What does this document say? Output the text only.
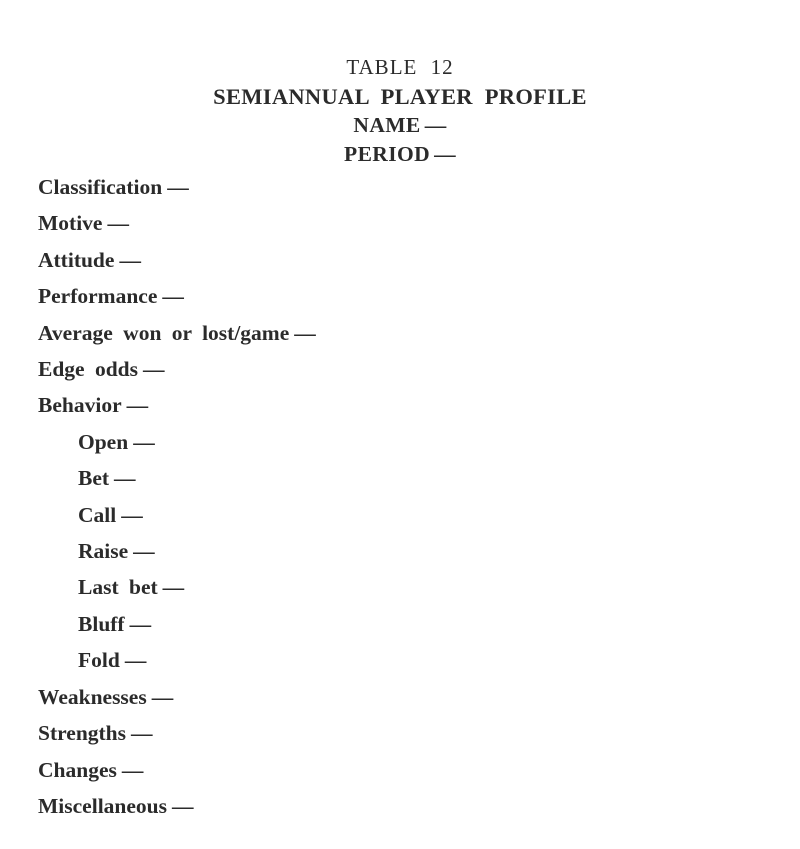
TABLE 12
SEMIANNUAL PLAYER PROFILE
NAME —
PERIOD —
Classification —
Motive —
Attitude —
Performance —
Average won or lost/game —
Edge odds —
Behavior —
Open —
Bet —
Call —
Raise —
Last bet —
Bluff —
Fold —
Weaknesses —
Strengths —
Changes —
Miscellaneous —
